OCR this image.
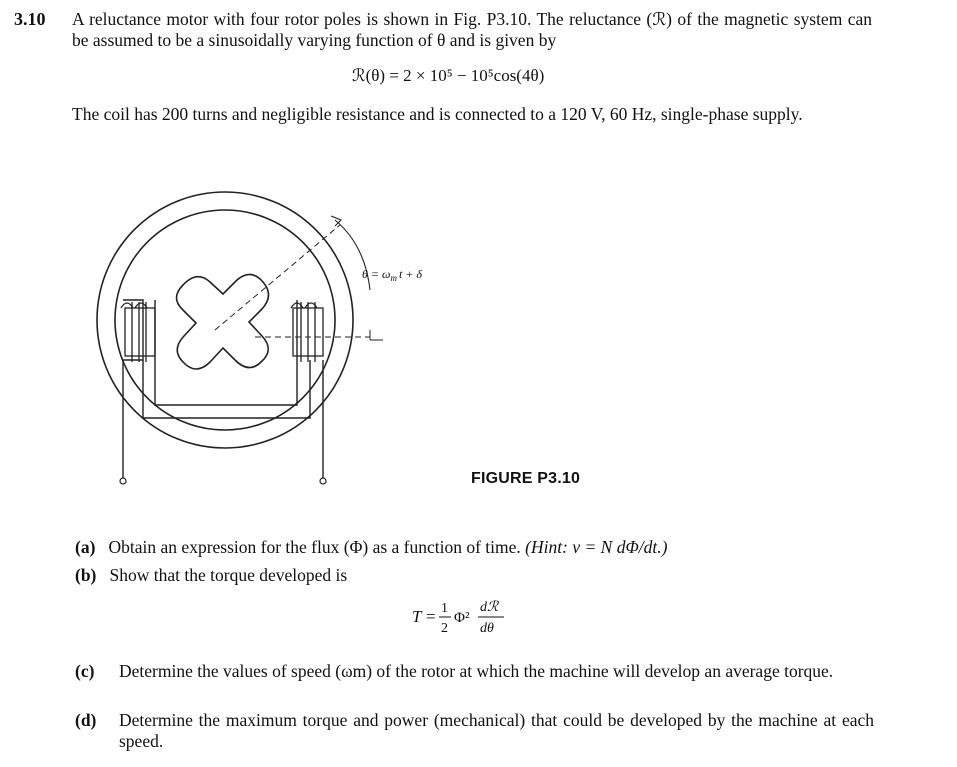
3.10 A reluctance motor with four rotor poles is shown in Fig. P3.10. The reluctance (ℛ) of the magnetic system can be assumed to be a sinusoidally varying function of θ and is given by
ℛ(θ) = 2 × 10⁵ − 10⁵cos(4θ)
The coil has 200 turns and negligible resistance and is connected to a 120 V, 60 Hz, single-phase supply.
$\theta = \omega_m$ t + δ
FIGURE P3.10
(a) Obtain an expression for the flux (Φ) as a function of time. (Hint: v = N dΦ/dt.)
(b) Show that the torque developed is
T = 1
2
Φ²
dℛ
dθ
(c) Determine the values of speed (ωm) of the rotor at which the machine will develop an average torque.
(d) Determine the maximum torque and power (mechanical) that could be developed by the machine at each speed.
